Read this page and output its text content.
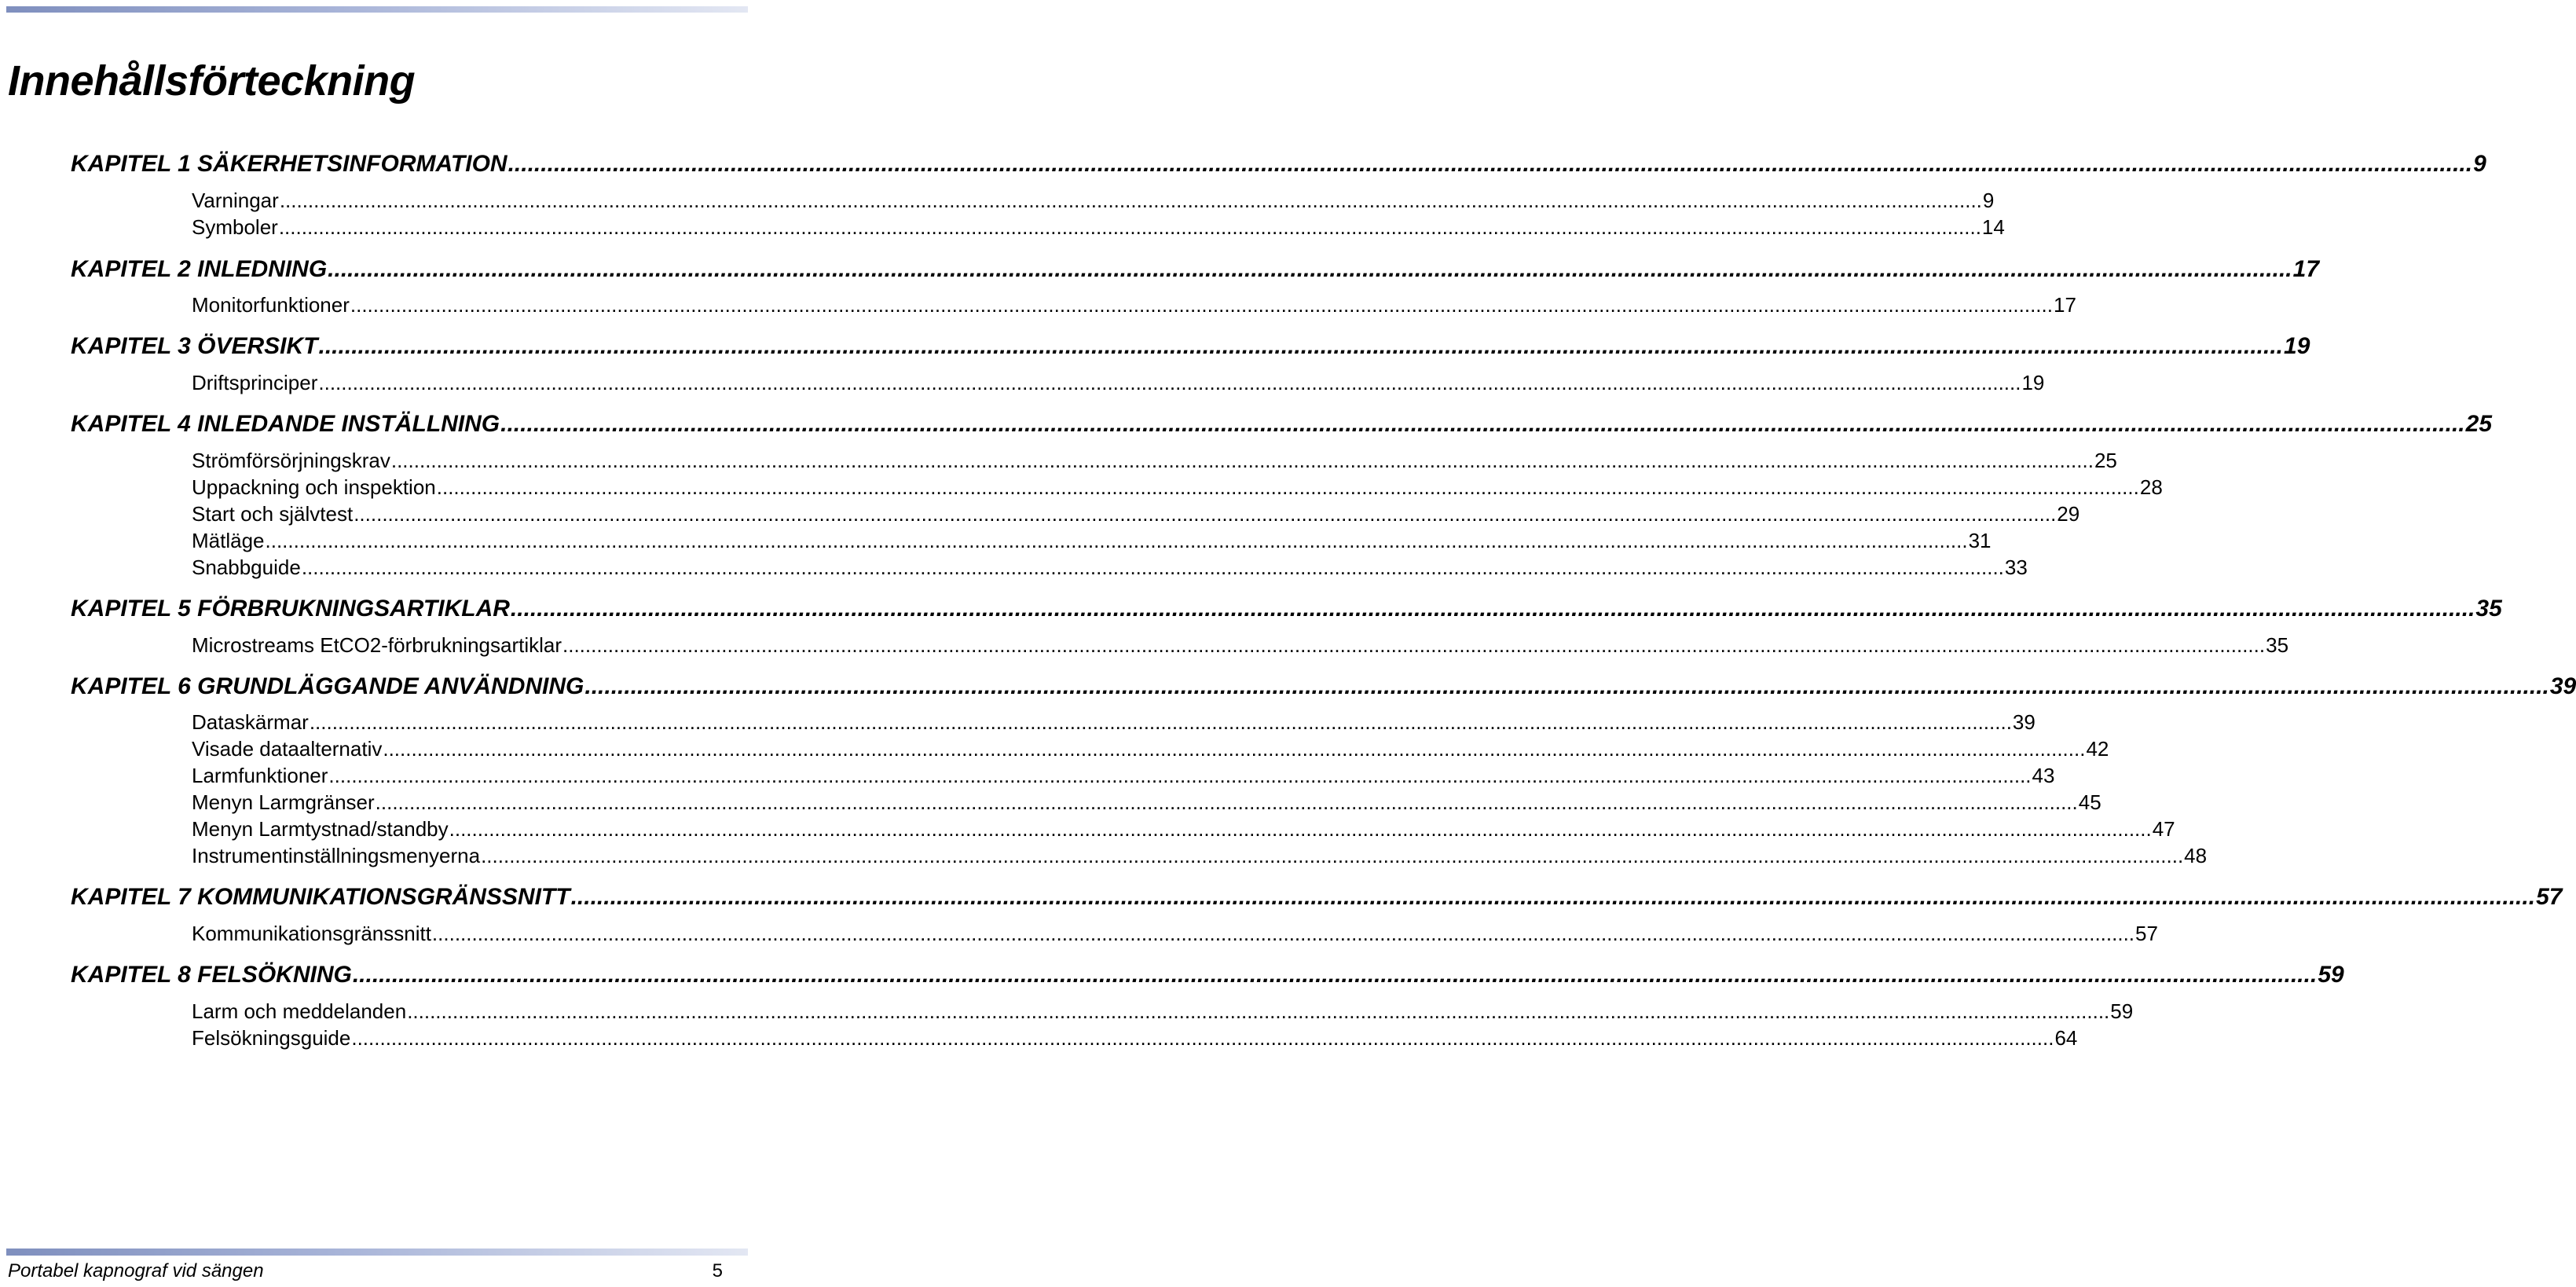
Innehållsförteckning
KAPITEL 1 SÄKERHETSINFORMATION ............................................................................................................................................................................................................................................................................................................ 9
Varningar ............................................................................................................................................................................................................................................................................................................ 9
Symboler ............................................................................................................................................................................................................................................................................................................ 14
KAPITEL 2 INLEDNING ............................................................................................................................................................................................................................................................................................................ 17
Monitorfunktioner ............................................................................................................................................................................................................................................................................................................ 17
KAPITEL 3 ÖVERSIKT ............................................................................................................................................................................................................................................................................................................ 19
Driftsprinciper ............................................................................................................................................................................................................................................................................................................ 19
KAPITEL 4 INLEDANDE INSTÄLLNING ............................................................................................................................................................................................................................................................................................................ 25
Strömförsörjningskrav ............................................................................................................................................................................................................................................................................................................ 25
Uppackning och inspektion ............................................................................................................................................................................................................................................................................................................ 28
Start och självtest ............................................................................................................................................................................................................................................................................................................ 29
Mätläge ............................................................................................................................................................................................................................................................................................................ 31
Snabbguide ............................................................................................................................................................................................................................................................................................................ 33
KAPITEL 5 FÖRBRUKNINGSARTIKLAR ............................................................................................................................................................................................................................................................................................................ 35
Microstreams EtCO2-förbrukningsartiklar ............................................................................................................................................................................................................................................................................................................ 35
KAPITEL 6 GRUNDLÄGGANDE ANVÄNDNING ............................................................................................................................................................................................................................................................................................................ 39
Dataskärmar ............................................................................................................................................................................................................................................................................................................ 39
Visade dataalternativ ............................................................................................................................................................................................................................................................................................................ 42
Larmfunktioner ............................................................................................................................................................................................................................................................................................................ 43
Menyn Larmgränser ............................................................................................................................................................................................................................................................................................................ 45
Menyn Larmtystnad/standby ............................................................................................................................................................................................................................................................................................................ 47
Instrumentinställningsmenyerna ............................................................................................................................................................................................................................................................................................................ 48
KAPITEL 7 KOMMUNIKATIONSGRÄNSSNITT ............................................................................................................................................................................................................................................................................................................ 57
Kommunikationsgränssnitt ............................................................................................................................................................................................................................................................................................................ 57
KAPITEL 8 FELSÖKNING ............................................................................................................................................................................................................................................................................................................ 59
Larm och meddelanden ............................................................................................................................................................................................................................................................................................................ 59
Felsökningsguide ............................................................................................................................................................................................................................................................................................................ 64
Portabel kapnograf vid sängen	5
